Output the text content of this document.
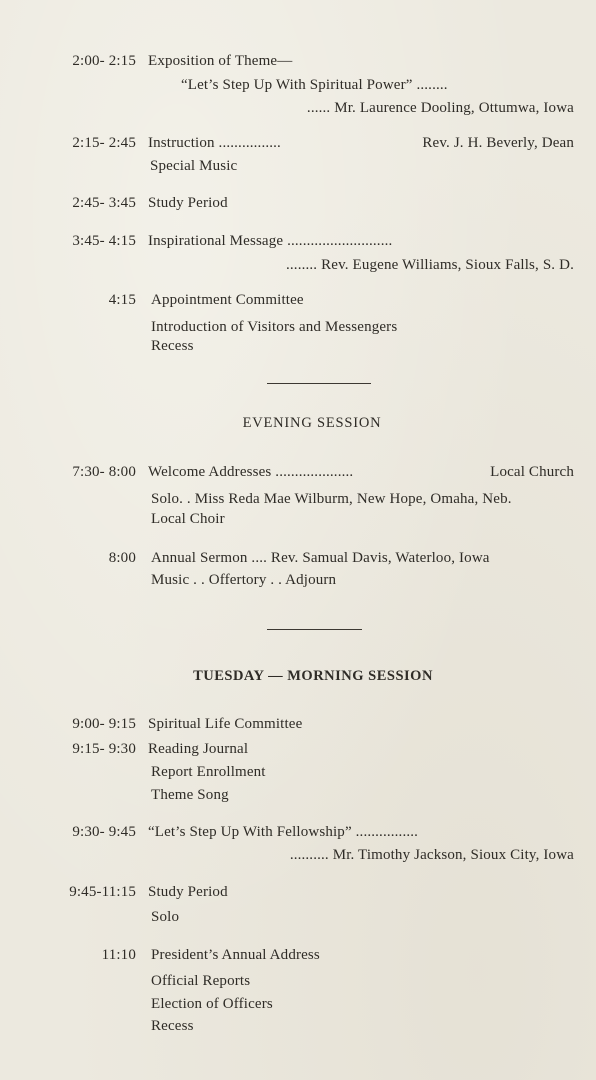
2:00- 2:15 Exposition of Theme—
“Let’s Step Up With Spiritual Power” ........
...... Mr. Laurence Dooling, Ottumwa, Iowa
2:15- 2:45 Instruction ................	Rev. J. H. Beverly, Dean
Special Music
2:45- 3:45 Study Period
3:45- 4:15 Inspirational Message ...........................
........ Rev. Eugene Williams, Sioux Falls, S. D.
4:15 Appointment Committee
Introduction of Visitors and Messengers
Recess
EVENING SESSION
7:30- 8:00 Welcome Addresses ....................	Local Church
Solo. . Miss Reda Mae Wilburm, New Hope, Omaha, Neb.
Local Choir
8:00 Annual Sermon .... Rev. Samual Davis, Waterloo, Iowa
Music . . Offertory . . Adjourn
TUESDAY — MORNING SESSION
9:00- 9:15 Spiritual Life Committee
9:15- 9:30 Reading Journal
Report Enrollment
Theme Song
9:30- 9:45 “Let’s Step Up With Fellowship” ................
.......... Mr. Timothy Jackson, Sioux City, Iowa
9:45-11:15 Study Period
Solo
11:10 President’s Annual Address
Official Reports
Election of Officers
Recess
